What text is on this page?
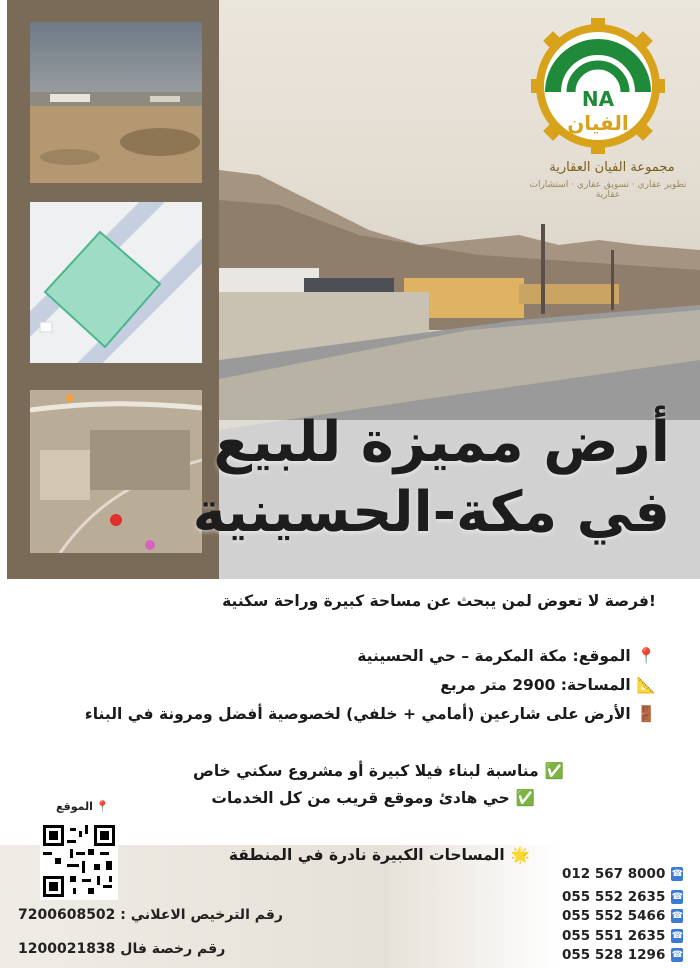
NA
الفيان
مجموعة الفيان العقارية
تطوير عقاري · تسويق عقاري · استشارات عقارية
أرض مميزة للبيع
في مكة-الحسينية
فرصة لا تعوض لمن يبحث عن مساحة كبيرة وراحة سكنية!
الموقع: مكة المكرمة – حي الحسينية 📍
المساحة: 2900 متر مربع 📐
الأرض على شارعين (أمامي + خلفي) لخصوصية أفضل ومرونة في البناء 🚪
مناسبة لبناء فيلا كبيرة أو مشروع سكني خاص ✅
حي هادئ وموقع قريب من كل الخدمات ✅
المساحات الكبيرة نادرة في المنطقة 🌟
الموقع 📍
رقم الترخيص الاعلاني : 7200608502
رقم رخصة فال 1200021838
012 567 8000 ☎
055 552 2635 ☎
055 552 5466 ☎
055 551 2635 ☎
055 528 1296 ☎
